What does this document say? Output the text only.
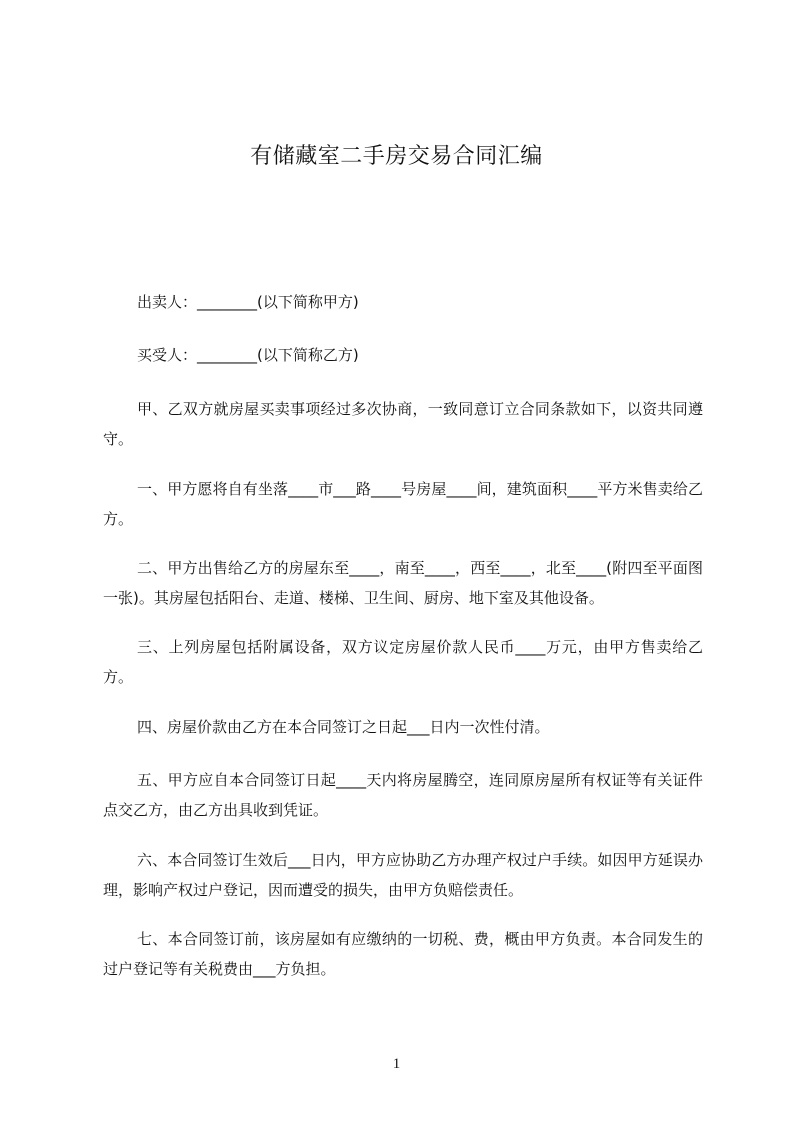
有储藏室二手房交易合同汇编

出卖人：________(以下简称甲方)

买受人：________(以下简称乙方)

甲、乙双方就房屋买卖事项经过多次协商，一致同意订立合同条款如下，以资共同遵守。

一、甲方愿将自有坐落____市___路____号房屋____间，建筑面积____平方米售卖给乙方。

二、甲方出售给乙方的房屋东至____，南至____，西至____，北至____(附四至平面图一张)。其房屋包括阳台、走道、楼梯、卫生间、厨房、地下室及其他设备。

三、上列房屋包括附属设备，双方议定房屋价款人民币____万元，由甲方售卖给乙方。

四、房屋价款由乙方在本合同签订之日起___日内一次性付清。

五、甲方应自本合同签订日起____天内将房屋腾空，连同原房屋所有权证等有关证件点交乙方，由乙方出具收到凭证。

六、本合同签订生效后___日内，甲方应协助乙方办理产权过户手续。如因甲方延误办理，影响产权过户登记，因而遭受的损失，由甲方负赔偿责任。

七、本合同签订前，该房屋如有应缴纳的一切税、费，概由甲方负责。本合同发生的过户登记等有关税费由___方负担。

1
